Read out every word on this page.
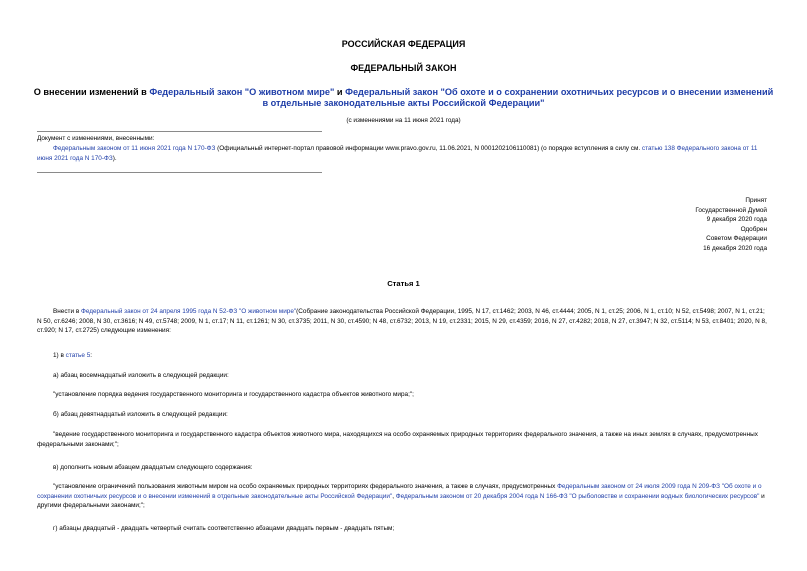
РОССИЙСКАЯ ФЕДЕРАЦИЯ
ФЕДЕРАЛЬНЫЙ ЗАКОН
О внесении изменений в Федеральный закон "О животном мире" и Федеральный закон "Об охоте и о сохранении охотничьих ресурсов и о внесении изменений в отдельные законодательные акты Российской Федерации"
(с изменениями на 11 июня 2021 года)
Документ с изменениями, внесенными:
Федеральным законом от 11 июня 2021 года N 170-ФЗ (Официальный интернет-портал правовой информации www.pravo.gov.ru, 11.06.2021, N 0001202106110081) (о порядке вступления в силу см. статью 138 Федерального закона от 11 июня 2021 года N 170-ФЗ).
Принят
Государственной Думой
9 декабря 2020 года
Одобрен
Советом Федерации
16 декабря 2020 года
Статья 1
Внести в Федеральный закон от 24 апреля 1995 года N 52-ФЗ "О животном мире"(Собрание законодательства Российской Федерации, 1995, N 17, ст.1462; 2003, N 46, ст.4444; 2005, N 1, ст.25; 2006, N 1, ст.10; N 52, ст.5498; 2007, N 1, ст.21; N 50, ст.6246; 2008, N 30, ст.3616; N 49, ст.5748; 2009, N 1, ст.17; N 11, ст.1261; N 30, ст.3735; 2011, N 30, ст.4590; N 48, ст.6732; 2013, N 19, ст.2331; 2015, N 29, ст.4359; 2016, N 27, ст.4282; 2018, N 27, ст.3947; N 32, ст.5114; N 53, ст.8401; 2020, N 8, ст.920; N 17, ст.2725) следующие изменения:
1) в статье 5:
а) абзац восемнадцатый изложить в следующей редакции:
"установление порядка ведения государственного мониторинга и государственного кадастра объектов животного мира;";
б) абзац девятнадцатый изложить в следующей редакции:
"ведение государственного мониторинга и государственного кадастра объектов животного мира, находящихся на особо охраняемых природных территориях федерального значения, а также на иных землях в случаях, предусмотренных федеральными законами;";
в) дополнить новым абзацем двадцатым следующего содержания:
"установление ограничений пользования животным миром на особо охраняемых природных территориях федерального значения, а также в случаях, предусмотренных Федеральным законом от 24 июля 2009 года N 209-ФЗ "Об охоте и о сохранении охотничьих ресурсов и о внесении изменений в отдельные законодательные акты Российской Федерации", Федеральным законом от 20 декабря 2004 года N 166-ФЗ "О рыболовстве и сохранении водных биологических ресурсов" и другими федеральными законами;";
г) абзацы двадцатый - двадцать четвертый считать соответственно абзацами двадцать первым - двадцать пятым;
